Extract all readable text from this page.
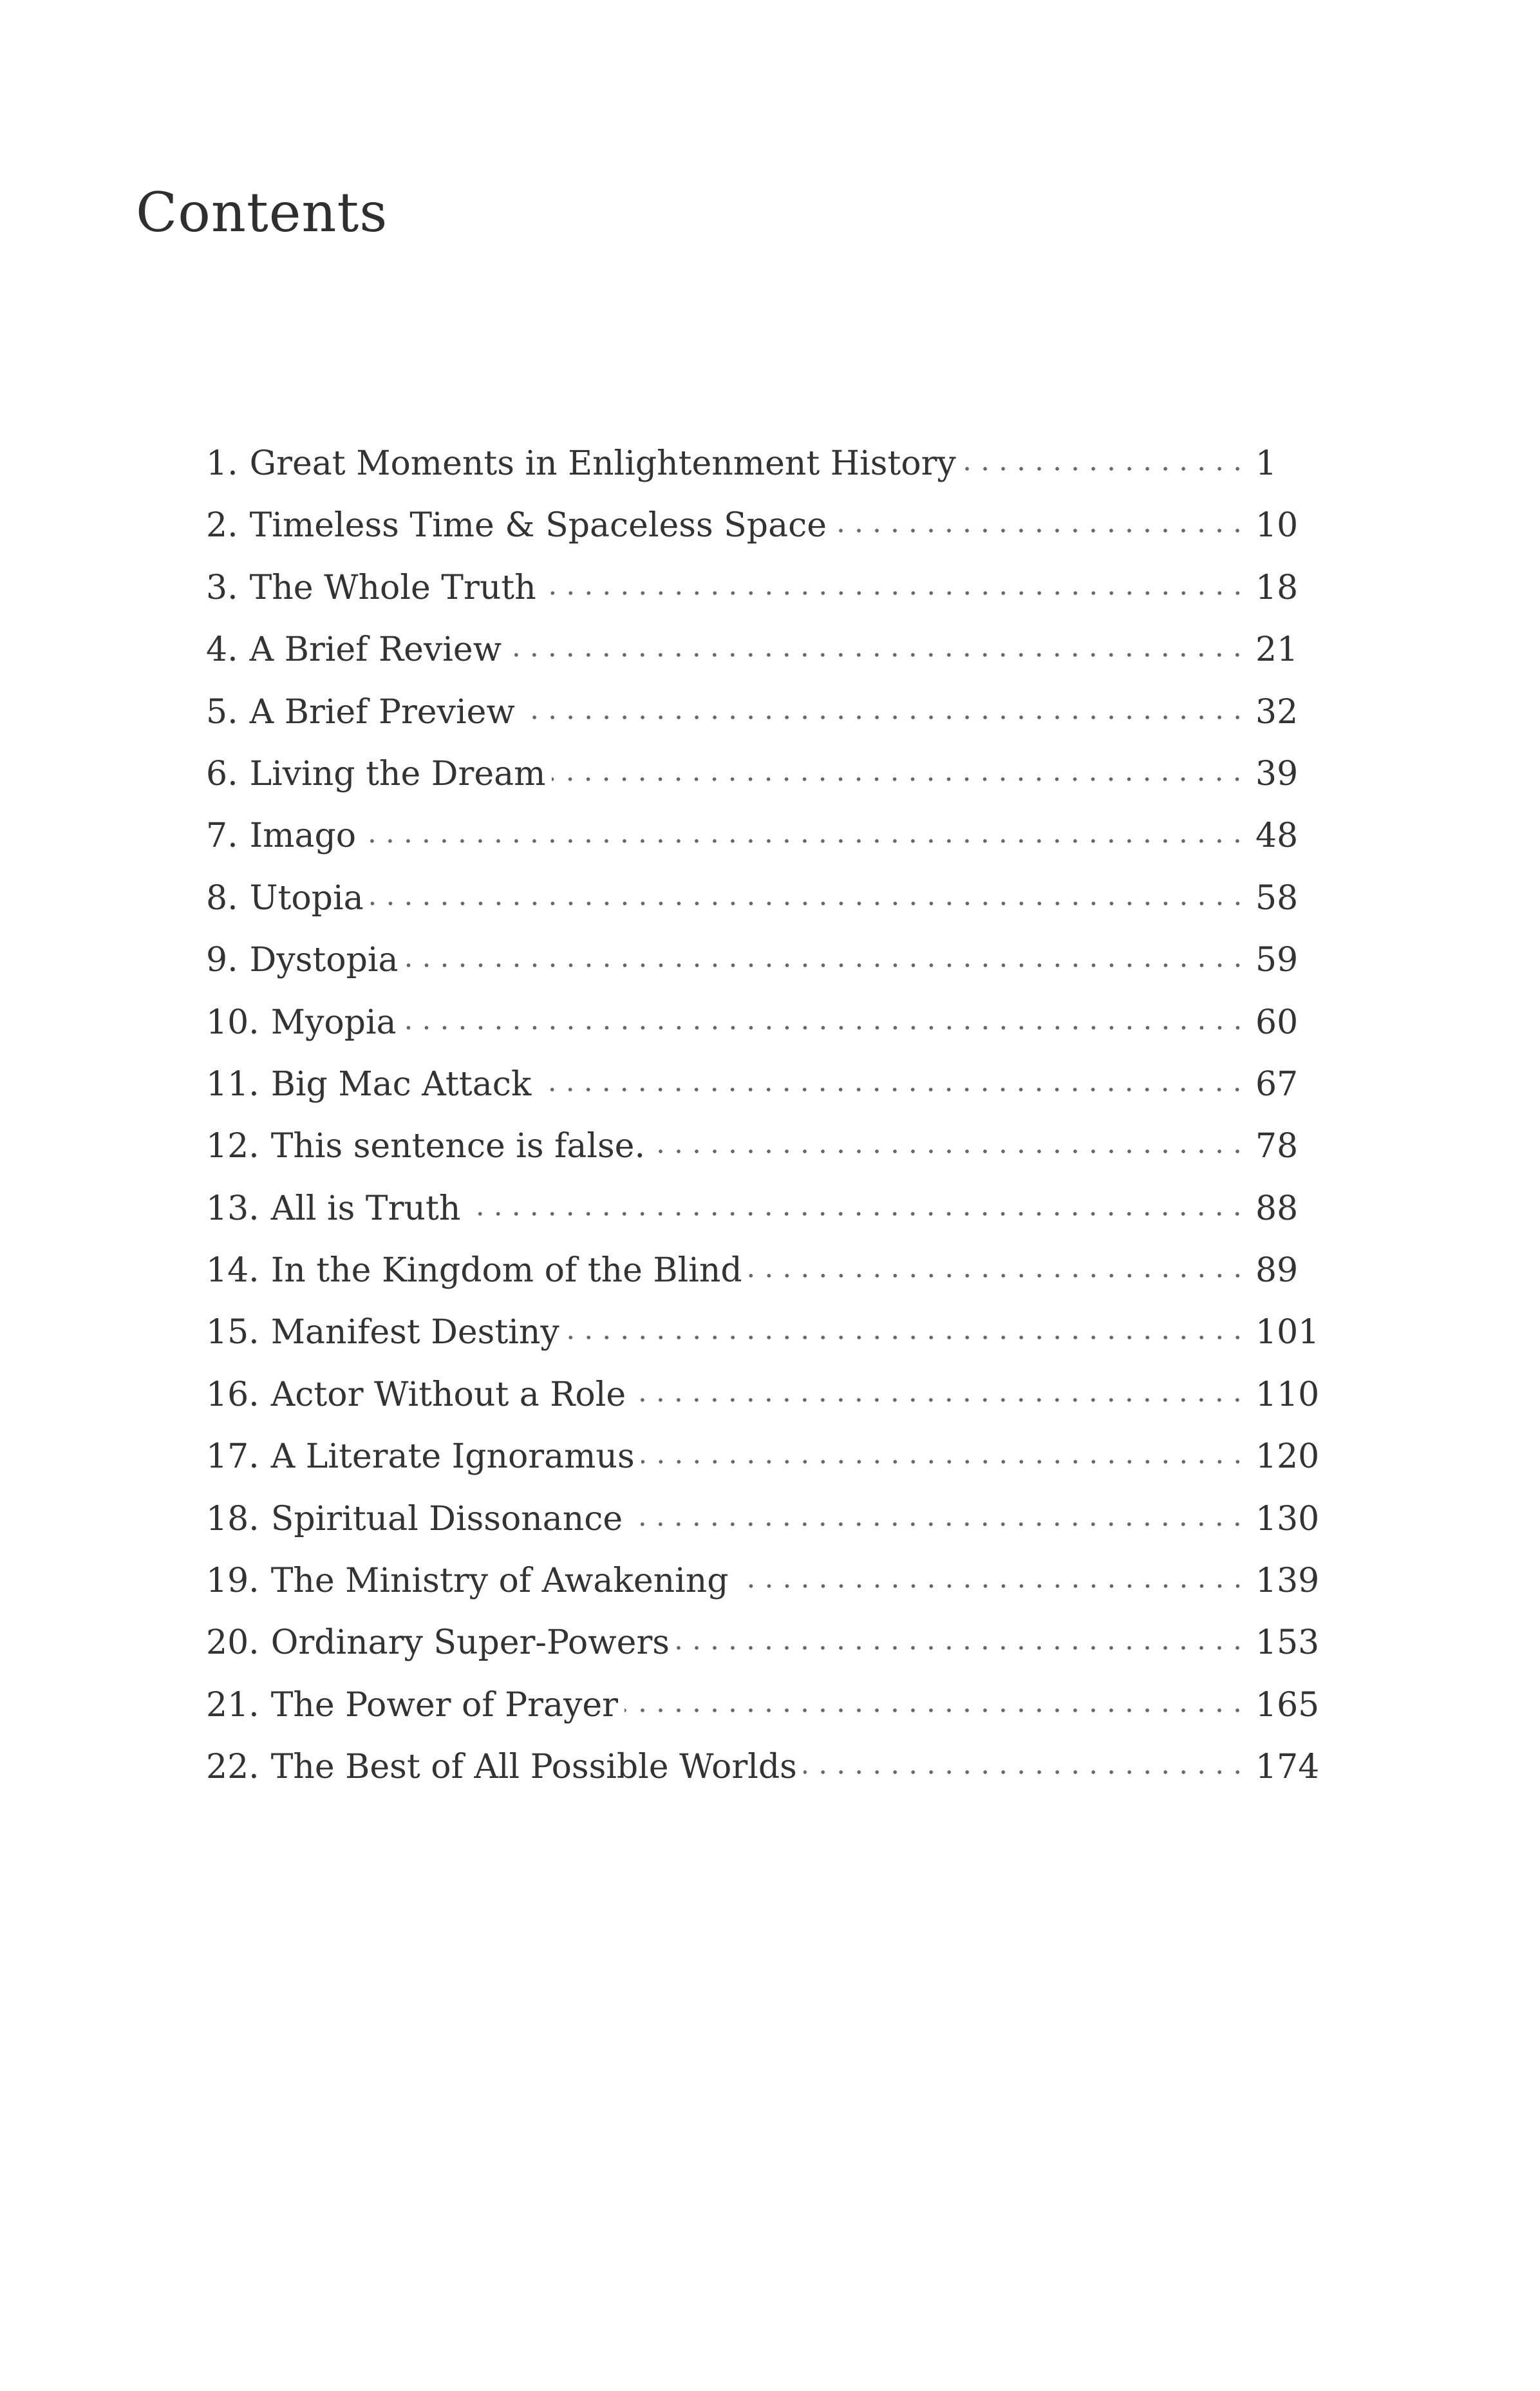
Contents
1. Great Moments in Enlightenment History	1
2. Timeless Time & Spaceless Space	10
3. The Whole Truth	18
4. A Brief Review	21
5. A Brief Preview	32
6. Living the Dream	39
7. Imago	48
8. Utopia	58
9. Dystopia	59
10. Myopia	60
11. Big Mac Attack	67
12. This sentence is false.	78
13. All is Truth	88
14. In the Kingdom of the Blind	89
15. Manifest Destiny	101
16. Actor Without a Role	110
17. A Literate Ignoramus	120
18. Spiritual Dissonance	130
19. The Ministry of Awakening	139
20. Ordinary Super-Powers	153
21. The Power of Prayer	165
22. The Best of All Possible Worlds	174
